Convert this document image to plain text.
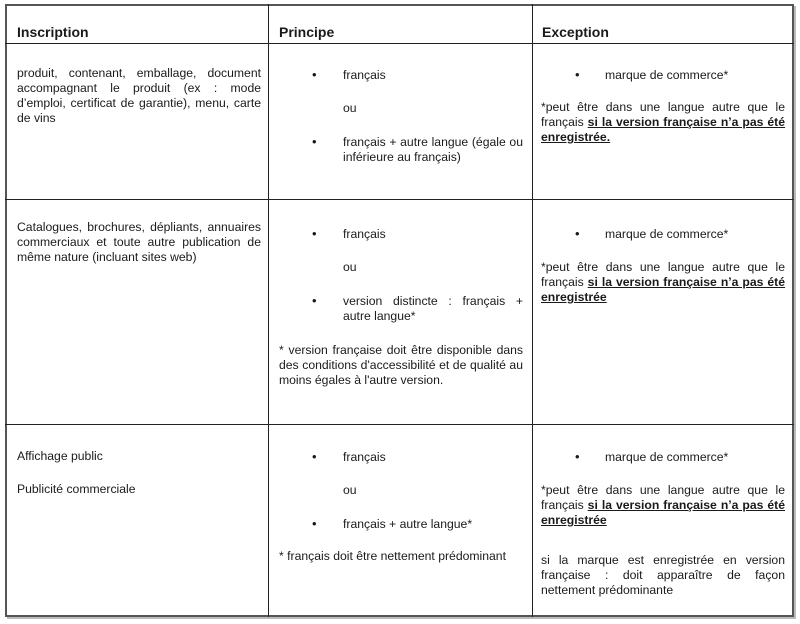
Inscription	Principe	Exception
produit, contenant, emballage, document accompagnant le produit (ex : mode d’emploi, certificat de garantie), menu, carte de vins
•
français
ou
•
français + autre langue (égale ou inférieure au français)
•
marque de commerce*
*peut être dans une langue autre que le français si la version française n’a pas été enregistrée.
Catalogues, brochures, dépliants, annuaires commerciaux et toute autre publication de même nature (incluant sites web)
•
français
ou
•
version distincte : français + autre langue*
* version française doit être disponible dans des conditions d'accessibilité et de qualité au moins égales à l'autre version.
•
marque de commerce*
*peut être dans une langue autre que le français si la version française n’a pas été enregistrée
Affichage public
Publicité commerciale
•
français
ou
•
français + autre langue*
* français doit être nettement prédominant
•
marque de commerce*
*peut être dans une langue autre que le français si la version française n’a pas été enregistrée
si la marque est enregistrée en version française : doit apparaître de façon nettement prédominante
